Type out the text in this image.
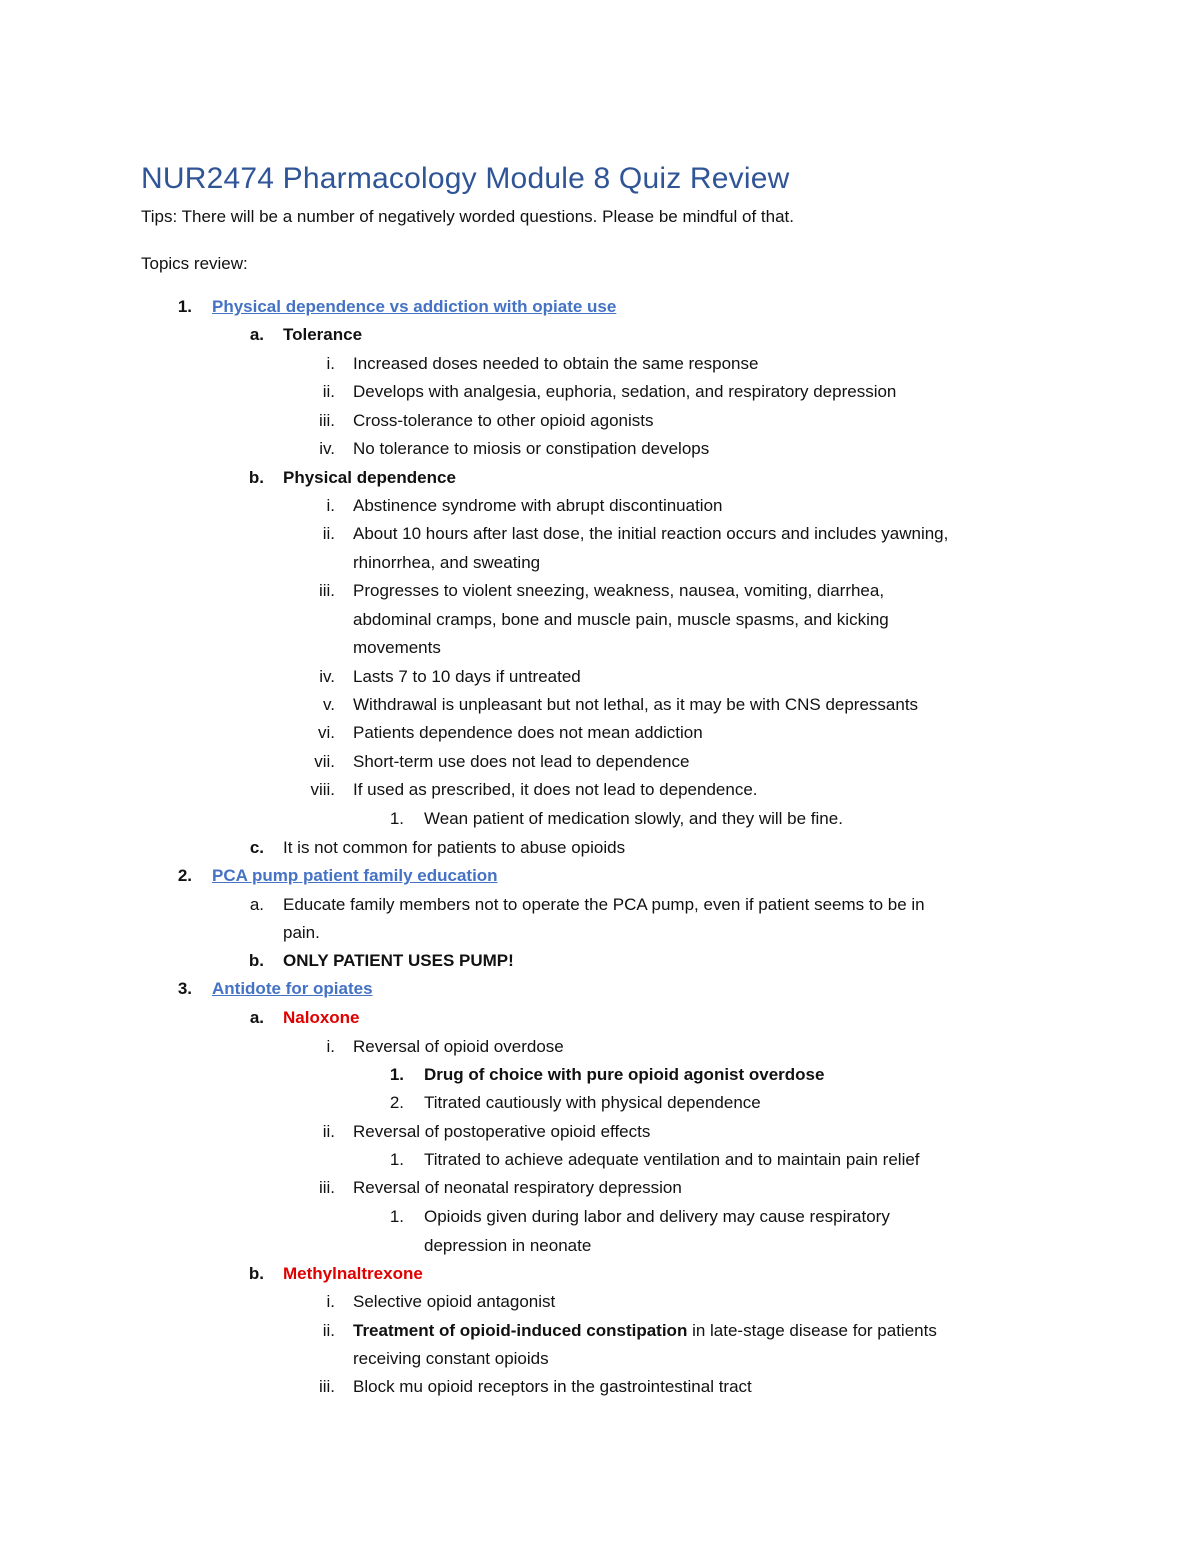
NUR2474 Pharmacology Module 8 Quiz Review
Tips: There will be a number of negatively worded questions. Please be mindful of that.
Topics review:
1. Physical dependence vs addiction with opiate use
a. Tolerance
i. Increased doses needed to obtain the same response
ii. Develops with analgesia, euphoria, sedation, and respiratory depression
iii. Cross-tolerance to other opioid agonists
iv. No tolerance to miosis or constipation develops
b. Physical dependence
i. Abstinence syndrome with abrupt discontinuation
ii. About 10 hours after last dose, the initial reaction occurs and includes yawning,
rhinorrhea, and sweating
iii. Progresses to violent sneezing, weakness, nausea, vomiting, diarrhea,
abdominal cramps, bone and muscle pain, muscle spasms, and kicking
movements
iv. Lasts 7 to 10 days if untreated
v. Withdrawal is unpleasant but not lethal, as it may be with CNS depressants
vi. Patients dependence does not mean addiction
vii. Short-term use does not lead to dependence
viii. If used as prescribed, it does not lead to dependence.
1. Wean patient of medication slowly, and they will be fine.
c. It is not common for patients to abuse opioids
2. PCA pump patient family education
a. Educate family members not to operate the PCA pump, even if patient seems to be in
pain.
b. ONLY PATIENT USES PUMP!
3. Antidote for opiates
a. Naloxone
i. Reversal of opioid overdose
1. Drug of choice with pure opioid agonist overdose
2. Titrated cautiously with physical dependence
ii. Reversal of postoperative opioid effects
1. Titrated to achieve adequate ventilation and to maintain pain relief
iii. Reversal of neonatal respiratory depression
1. Opioids given during labor and delivery may cause respiratory
depression in neonate
b. Methylnaltrexone
i. Selective opioid antagonist
ii. Treatment of opioid-induced constipation in late-stage disease for patients
receiving constant opioids
iii. Block mu opioid receptors in the gastrointestinal tract
